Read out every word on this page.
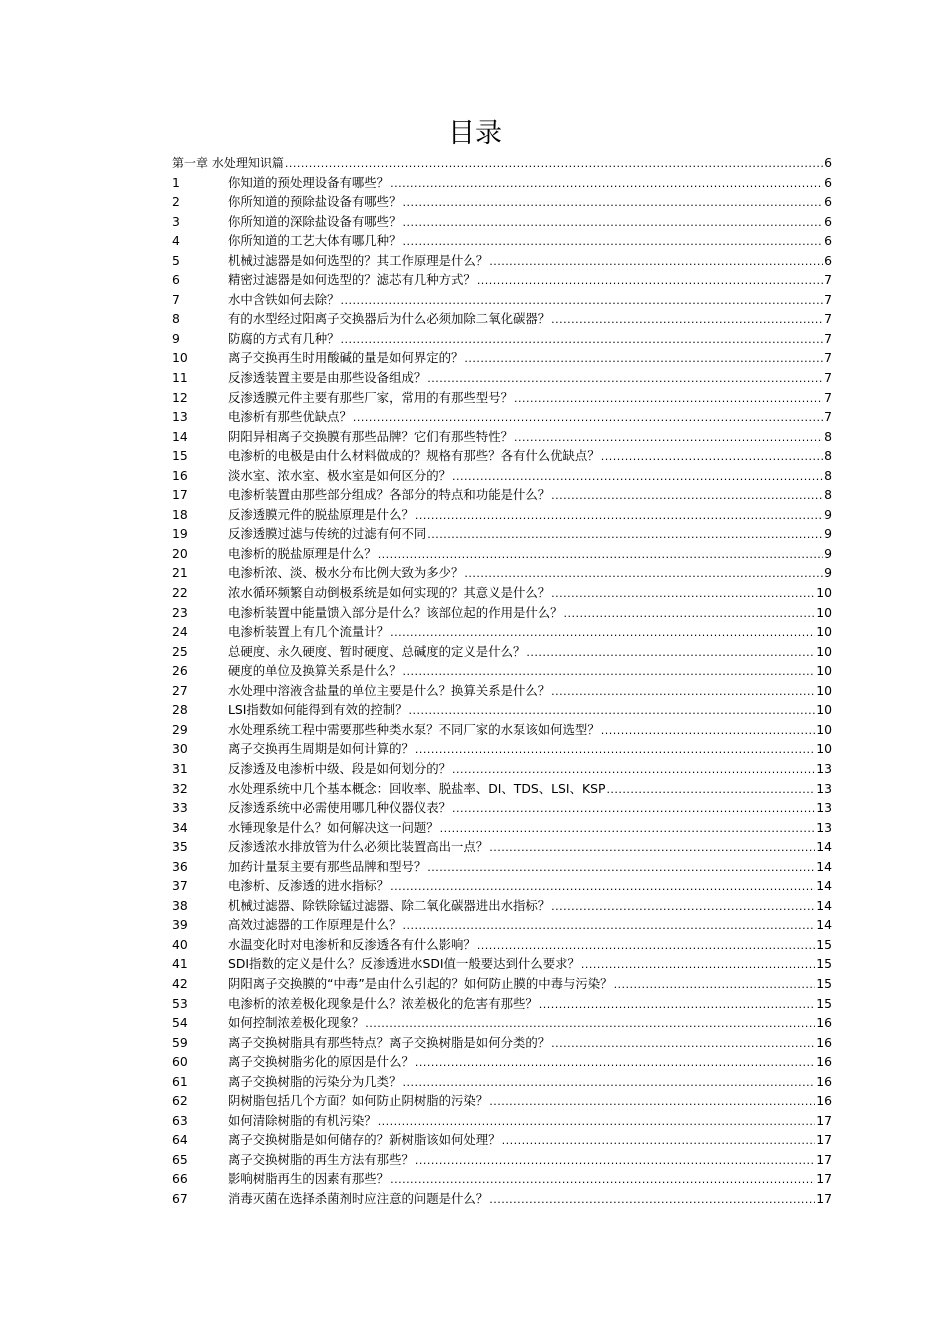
目录
第一章 水处理知识篇 .....	6
1	你知道的预处理设备有哪些？ .....	6
2	你所知道的预除盐设备有哪些？ .....	6
3	你所知道的深除盐设备有哪些？ .....	6
4	你所知道的工艺大体有哪几种？ .....	6
5	机械过滤器是如何选型的？其工作原理是什么？ .....	6
6	精密过滤器是如何选型的？滤芯有几种方式？ .....	7
7	水中含铁如何去除？ .....	7
8	有的水型经过阳离子交换器后为什么必须加除二氧化碳器？ .....	7
9	防腐的方式有几种？ .....	7
10	离子交换再生时用酸碱的量是如何界定的？ .....	7
11	反渗透装置主要是由那些设备组成？ .....	7
12	反渗透膜元件主要有那些厂家，常用的有那些型号？ .....	7
13	电渗析有那些优缺点？ .....	7
14	阴阳异相离子交换膜有那些品牌？它们有那些特性？ .....	8
15	电渗析的电极是由什么材料做成的？规格有那些？各有什么优缺点？ .....	8
16	淡水室、浓水室、极水室是如何区分的？ .....	8
17	电渗析装置由那些部分组成？各部分的特点和功能是什么？ .....	8
18	反渗透膜元件的脱盐原理是什么？ .....	9
19	反渗透膜过滤与传统的过滤有何不同 .....	9
20	电渗析的脱盐原理是什么？ .....	9
21	电渗析浓、淡、极水分布比例大致为多少？ .....	9
22	浓水循环频繁自动倒极系统是如何实现的？其意义是什么？ .....	10
23	电渗析装置中能量馈入部分是什么？该部位起的作用是什么？ .....	10
24	电渗析装置上有几个流量计？ .....	10
25	总硬度、永久硬度、暂时硬度、总碱度的定义是什么？ .....	10
26	硬度的单位及换算关系是什么？ .....	10
27	水处理中溶液含盐量的单位主要是什么？换算关系是什么？ .....	10
28	LSI指数如何能得到有效的控制？ .....	10
29	水处理系统工程中需要那些种类水泵？不同厂家的水泵该如何选型？ .....	10
30	离子交换再生周期是如何计算的？ .....	10
31	反渗透及电渗析中级、段是如何划分的？ .....	13
32	水处理系统中几个基本概念：回收率、脱盐率、DI、TDS、LSI、KSP .....	13
33	反渗透系统中必需使用哪几种仪器仪表？ .....	13
34	水锤现象是什么？如何解决这一问题？ .....	13
35	反渗透浓水排放管为什么必须比装置高出一点？ .....	14
36	加药计量泵主要有那些品牌和型号？ .....	14
37	电渗析、反渗透的进水指标？ .....	14
38	机械过滤器、除铁除锰过滤器、除二氧化碳器进出水指标？ .....	14
39	高效过滤器的工作原理是什么？ .....	14
40	水温变化时对电渗析和反渗透各有什么影响？ .....	15
41	SDI指数的定义是什么？反渗透进水SDI值一般要达到什么要求？ .....	15
42	阴阳离子交换膜的“中毒”是由什么引起的？如何防止膜的中毒与污染？ .....	15
53	电渗析的浓差极化现象是什么？浓差极化的危害有那些？ .....	15
54	如何控制浓差极化现象？ .....	16
59	离子交换树脂具有那些特点？离子交换树脂是如何分类的？ .....	16
60	离子交换树脂劣化的原因是什么？ .....	16
61	离子交换树脂的污染分为几类？ .....	16
62	阴树脂包括几个方面？如何防止阴树脂的污染？ .....	16
63	如何清除树脂的有机污染？ .....	17
64	离子交换树脂是如何储存的？新树脂该如何处理？ .....	17
65	离子交换树脂的再生方法有那些？ .....	17
66	影响树脂再生的因素有那些？ .....	17
67	消毒灭菌在选择杀菌剂时应注意的问题是什么？ .....	17
